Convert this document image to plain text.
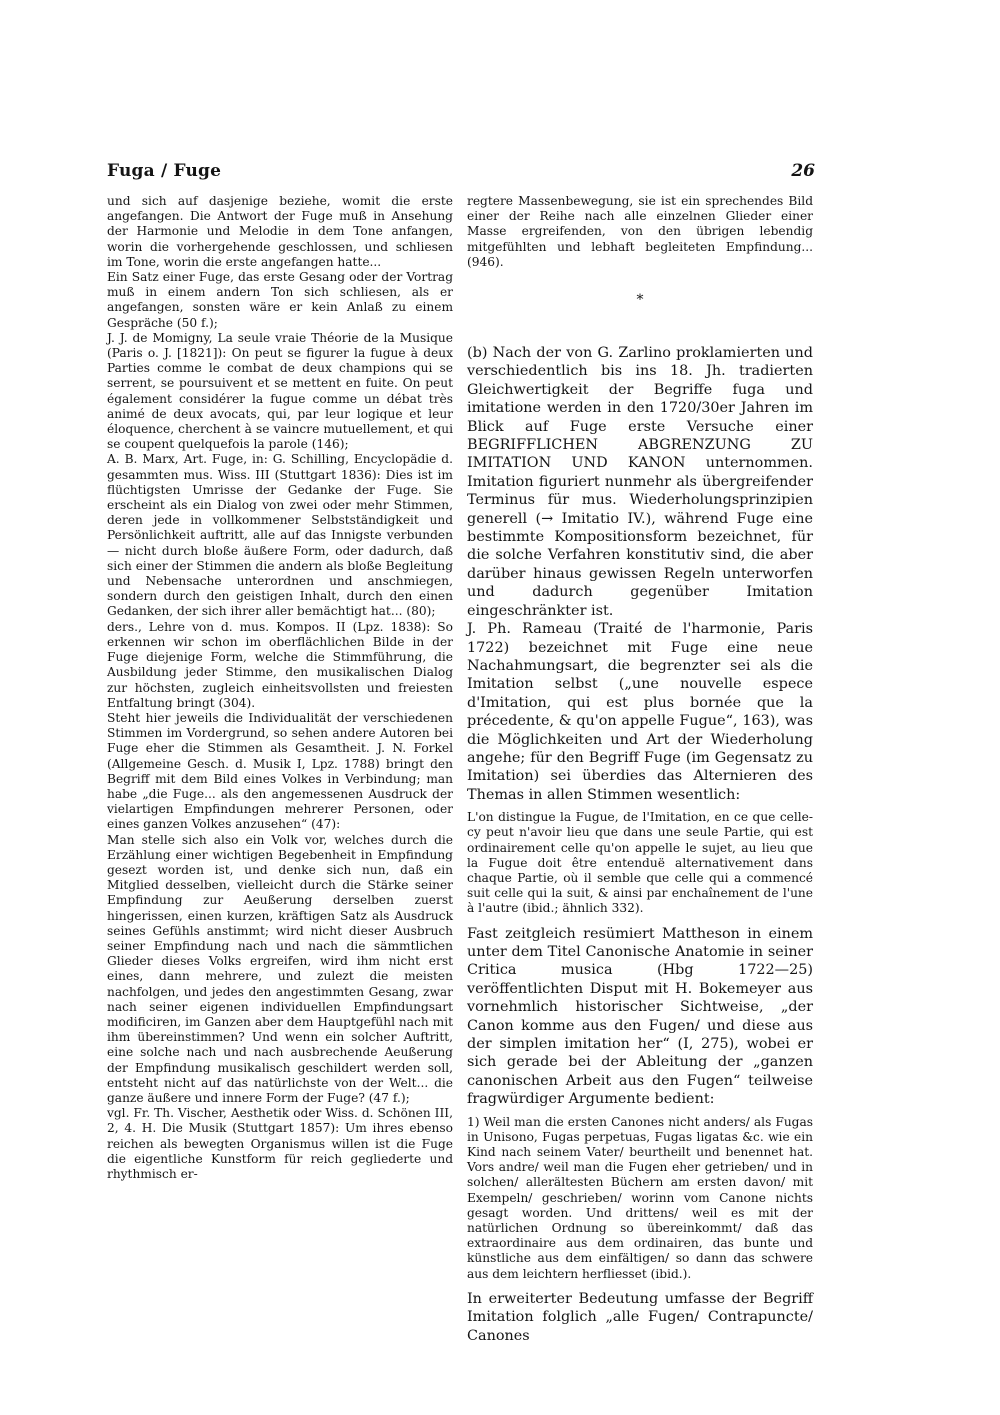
Fuga / Fuge	26

und sich auf dasjenige beziehe, womit die erste angefangen. Die Antwort der Fuge muß in Ansehung der Harmonie und Melodie in dem Tone anfangen, worin die vorhergehende geschlossen, und schliesen im Tone, worin die erste angefangen hatte...

Ein Satz einer Fuge, das erste Gesang oder der Vortrag muß in einem andern Ton sich schliesen, als er angefangen, sonsten wäre er kein Anlaß zu einem Gespräche (50 f.);

J. J. de Momigny, La seule vraie Théorie de la Musique (Paris o. J. [1821]): On peut se figurer la fugue à deux Parties comme le combat de deux champions qui se serrent, se poursuivent et se mettent en fuite. On peut également considérer la fugue comme un débat très animé de deux avocats, qui, par leur logique et leur éloquence, cherchent à se vaincre mutuellement, et qui se coupent quelquefois la parole (146);

A. B. Marx, Art. Fuge, in: G. Schilling, Encyclopädie d. gesammten mus. Wiss. III (Stuttgart 1836): Dies ist im flüchtigsten Umrisse der Gedanke der Fuge. Sie erscheint als ein Dialog von zwei oder mehr Stimmen, deren jede in vollkommener Selbstständigkeit und Persönlichkeit auftritt, alle auf das Innigste verbunden — nicht durch bloße äußere Form, oder dadurch, daß sich einer der Stimmen die andern als bloße Begleitung und Nebensache unterordnen und anschmiegen, sondern durch den geistigen Inhalt, durch den einen Gedanken, der sich ihrer aller bemächtigt hat... (80);

ders., Lehre von d. mus. Kompos. II (Lpz. 1838): So erkennen wir schon im oberflächlichen Bilde in der Fuge diejenige Form, welche die Stimmführung, die Ausbildung jeder Stimme, den musikalischen Dialog zur höchsten, zugleich einheitsvollsten und freiesten Entfaltung bringt (304).

Steht hier jeweils die Individualität der verschiedenen Stimmen im Vordergrund, so sehen andere Autoren bei Fuge eher die Stimmen als Gesamtheit. J. N. Forkel (Allgemeine Gesch. d. Musik I, Lpz. 1788) bringt den Begriff mit dem Bild eines Volkes in Verbindung; man habe „die Fuge... als den angemessenen Ausdruck der vielartigen Empfindungen mehrerer Personen, oder eines ganzen Volkes anzusehen“ (47):

Man stelle sich also ein Volk vor, welches durch die Erzählung einer wichtigen Begebenheit in Empfindung gesezt worden ist, und denke sich nun, daß ein Mitglied desselben, vielleicht durch die Stärke seiner Empfindung zur Aeußerung derselben zuerst hingerissen, einen kurzen, kräftigen Satz als Ausdruck seines Gefühls anstimmt; wird nicht dieser Ausbruch seiner Empfindung nach und nach die sämmtlichen Glieder dieses Volks ergreifen, wird ihm nicht erst eines, dann mehrere, und zulezt die meisten nachfolgen, und jedes den angestimmten Gesang, zwar nach seiner eigenen individuellen Empfindungsart modificiren, im Ganzen aber dem Hauptgefühl nach mit ihm übereinstimmen? Und wenn ein solcher Auftritt, eine solche nach und nach ausbrechende Aeußerung der Empfindung musikalisch geschildert werden soll, entsteht nicht auf das natürlichste von der Welt... die ganze äußere und innere Form der Fuge? (47 f.);

vgl. Fr. Th. Vischer, Aesthetik oder Wiss. d. Schönen III, 2, 4. H. Die Musik (Stuttgart 1857): Um ihres ebenso reichen als bewegten Organismus willen ist die Fuge die eigentliche Kunstform für reich gegliederte und rhythmisch er-

regtere Massenbewegung, sie ist ein sprechendes Bild einer der Reihe nach alle einzelnen Glieder einer Masse ergreifenden, von den übrigen lebendig mitgefühlten und lebhaft begleiteten Empfindung... (946).

*

(b) Nach der von G. Zarlino proklamierten und verschiedentlich bis ins 18. Jh. tradierten Gleichwertigkeit der Begriffe fuga und imitatione werden in den 1720/30er Jahren im Blick auf Fuge erste Versuche einer BEGRIFFLICHEN ABGRENZUNG ZU IMITATION UND KANON unternommen. Imitation figuriert nunmehr als übergreifender Terminus für mus. Wiederholungsprinzipien generell (→ Imitatio IV.), während Fuge eine bestimmte Kompositionsform bezeichnet, für die solche Verfahren konstitutiv sind, die aber darüber hinaus gewissen Regeln unterworfen und dadurch gegenüber Imitation eingeschränkter ist.

J. Ph. Rameau (Traité de l'harmonie, Paris 1722) bezeichnet mit Fuge eine neue Nachahmungsart, die begrenzter sei als die Imitation selbst („une nouvelle espece d'Imitation, qui est plus bornée que la précedente, & qu'on appelle Fugue“, 163), was die Möglichkeiten und Art der Wiederholung angehe; für den Begriff Fuge (im Gegensatz zu Imitation) sei überdies das Alternieren des Themas in allen Stimmen wesentlich:

L'on distingue la Fugue, de l'Imitation, en ce que celle-cy peut n'avoir lieu que dans une seule Partie, qui est ordinairement celle qu'on appelle le sujet, au lieu que la Fugue doit être entenduë alternativement dans chaque Partie, où il semble que celle qui a commencé suit celle qui la suit, & ainsi par enchaînement de l'une à l'autre (ibid.; ähnlich 332).

Fast zeitgleich resümiert Mattheson in einem unter dem Titel Canonische Anatomie in seiner Critica musica (Hbg 1722—25) veröffentlichten Disput mit H. Bokemeyer aus vornehmlich historischer Sichtweise, „der Canon komme aus den Fugen/ und diese aus der simplen imitation her“ (I, 275), wobei er sich gerade bei der Ableitung der „ganzen canonischen Arbeit aus den Fugen“ teilweise fragwürdiger Argumente bedient:

1) Weil man die ersten Canones nicht anders/ als Fugas in Unisono, Fugas perpetuas, Fugas ligatas &c. wie ein Kind nach seinem Vater/ beurtheilt und benennet hat. Vors andre/ weil man die Fugen eher getrieben/ und in solchen/ allerältesten Büchern am ersten davon/ mit Exempeln/ geschrieben/ worinn vom Canone nichts gesagt worden. Und drittens/ weil es mit der natürlichen Ordnung so übereinkommt/ daß das extraordinaire aus dem ordinairen, das bunte und künstliche aus dem einfältigen/ so dann das schwere aus dem leichtern herfliesset (ibid.).

In erweiterter Bedeutung umfasse der Begriff Imitation folglich „alle Fugen/ Contrapuncte/ Canones
